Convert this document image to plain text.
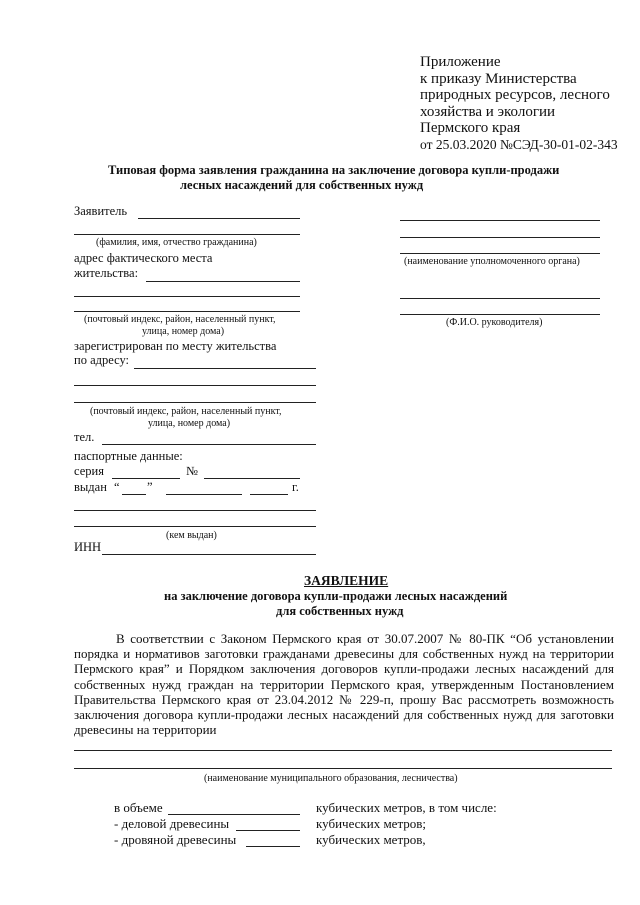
Приложение
к приказу Министерства
природных ресурсов, лесного
хозяйства и экологии
Пермского края
от 25.03.2020 №СЭД-30-01-02-343
Типовая форма заявления гражданина на заключение договора купли-продажи
лесных насаждений для собственных нужд
Заявитель
(фамилия, имя, отчество гражданина)
адрес фактического места
жительства:
(почтовый индекс, район, населенный пункт,
улица, номер дома)
зарегистрирован по месту жительства
по адресу:
(почтовый индекс, район, населенный пункт,
улица, номер дома)
тел.
паспортные данные:
серия	№
выдан “ ”	г.
(кем выдан)
ИНН
(наименование уполномоченного органа)
(Ф.И.О. руководителя)
ЗАЯВЛЕНИЕ
на заключение договора купли-продажи лесных насаждений
для собственных нужд
В соответствии с Законом Пермского края от 30.07.2007 № 80-ПК “Об установлении
порядка и нормативов заготовки гражданами древесины для собственных нужд на территории
Пермского края” и Порядком заключения договоров купли-продажи лесных насаждений для
собственных нужд граждан на территории Пермского края, утвержденным Постановлением
Правительства Пермского края от 23.04.2012 № 229-п, прошу Вас рассмотреть возможность
заключения договора купли-продажи лесных насаждений для собственных нужд для заготовки
древесины на территории
(наименование муниципального образования, лесничества)
в объеме	кубических метров, в том числе:
- деловой древесины	кубических метров;
- дровяной древесины	кубических метров,
